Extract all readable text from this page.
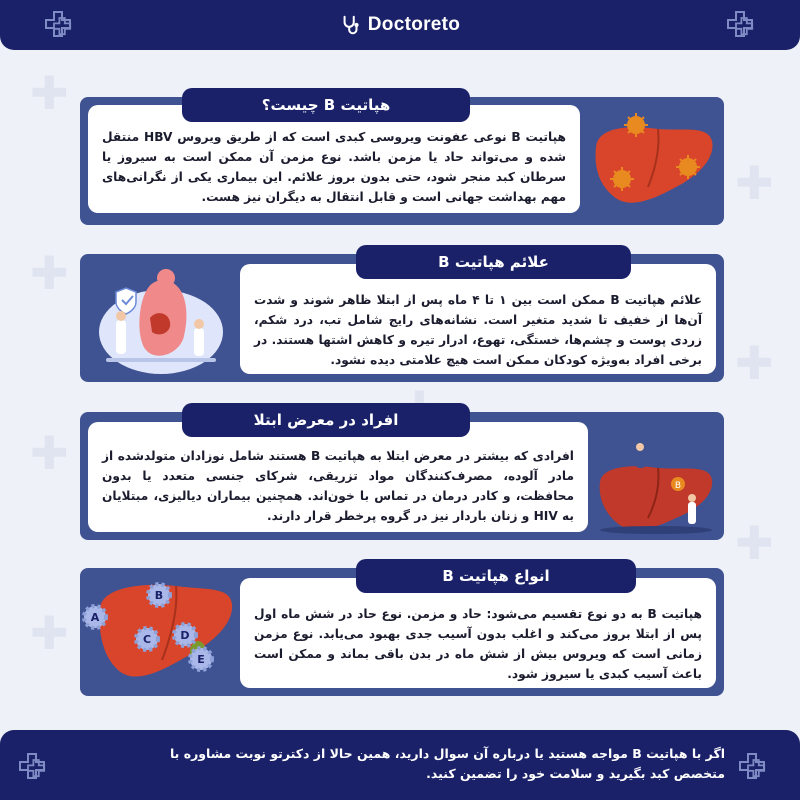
✚
✚
✚
✚
✚
✚
✚
Doctoreto
هپاتیت B نوعی عفونت ویروسی کبدی است که از طریق ویروس HBV منتقل شده و می‌تواند حاد یا مزمن باشد. نوع مزمن آن ممکن است به سیروز یا سرطان کبد منجر شود، حتی بدون بروز علائم. این بیماری یکی از نگرانی‌های مهم بهداشت جهانی است و قابل انتقال به دیگران نیز هست.
هپاتیت B چیست؟
علائم هپاتیت B ممکن است بین ۱ تا ۴ ماه پس از ابتلا ظاهر شوند و شدت آن‌ها از خفیف تا شدید متغیر است. نشانه‌های رایج شامل تب، درد شکم، زردی پوست و چشم‌ها، خستگی، تهوع، ادرار تیره و کاهش اشتها هستند. در برخی افراد به‌ویژه کودکان ممکن است هیچ علامتی دیده نشود.
علائم هپاتیت B
افرادی که بیشتر در معرض ابتلا به هپاتیت B هستند شامل نوزادان متولدشده از مادر آلوده، مصرف‌کنندگان مواد تزریقی، شرکای جنسی متعدد یا بدون محافظت، و کادر درمان در تماس با خون‌اند. همچنین بیماران دیالیزی، مبتلایان به HIV و زنان باردار نیز در گروه پرخطر قرار دارند.
B
افراد در معرض ابتلا
هپاتیت B به دو نوع تقسیم می‌شود: حاد و مزمن. نوع حاد در شش ماه اول پس از ابتلا بروز می‌کند و اغلب بدون آسیب جدی بهبود می‌یابد. نوع مزمن زمانی است که ویروس بیش از شش ماه در بدن باقی بماند و ممکن است باعث آسیب کبدی یا سیروز شود.
A
B
C	D
E
انواع هپاتیت B
اگر با هپاتیت B مواجه هستید یا درباره آن سوال دارید، همین حالا از دکترتو نوبت مشاوره با متخصص کبد بگیرید و سلامت خود را تضمین کنید.
